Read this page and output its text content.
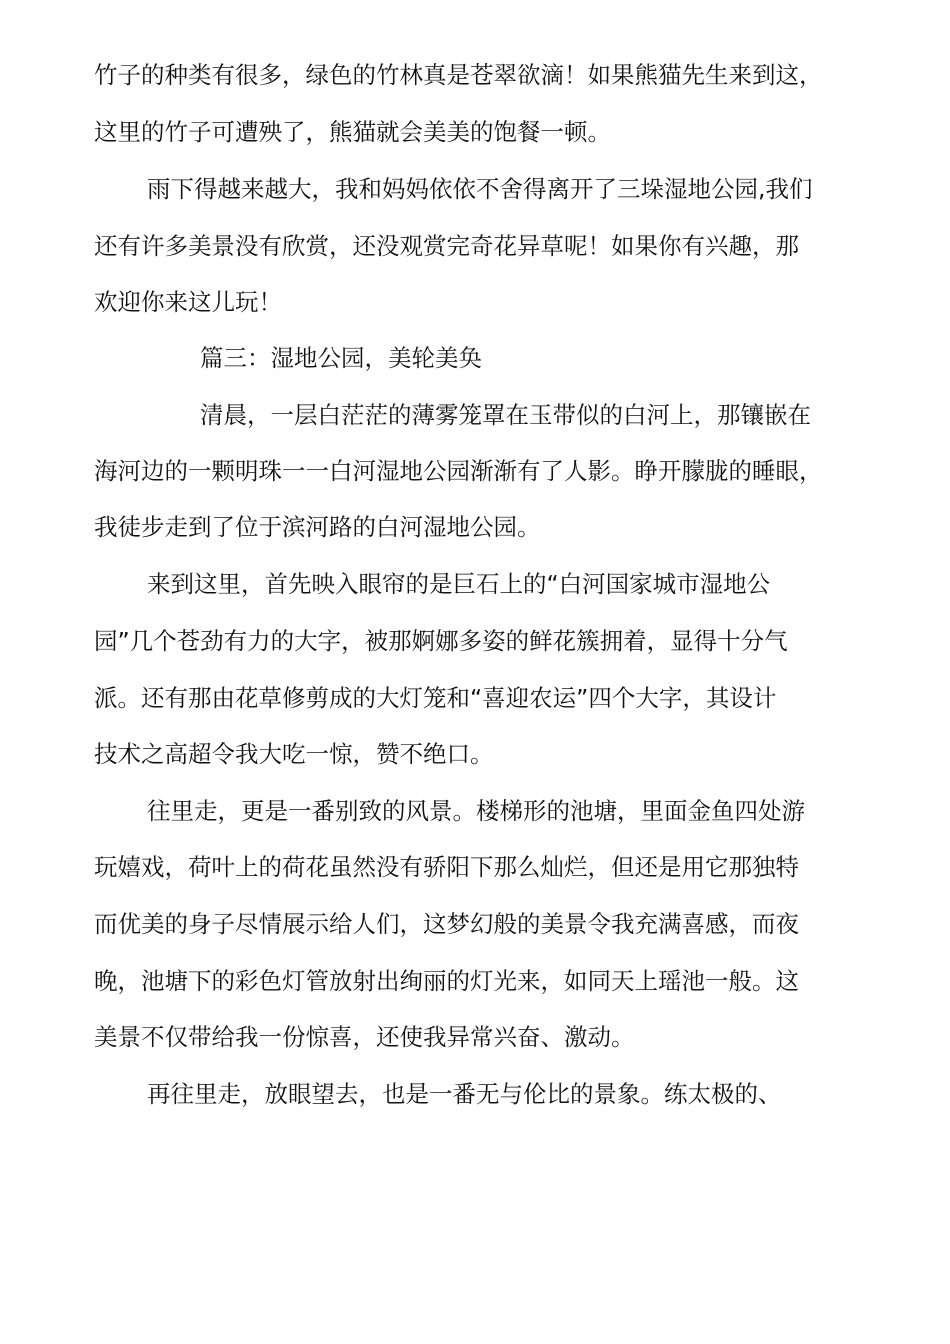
竹子的种类有很多，绿色的竹林真是苍翠欲滴！如果熊猫先生来到这，
这里的竹子可遭殃了，熊猫就会美美的饱餐一顿。
雨下得越来越大，我和妈妈依依不舍得离开了三垛湿地公园,我们
还有许多美景没有欣赏，还没观赏完奇花异草呢！如果你有兴趣，那
欢迎你来这儿玩！
篇三：湿地公园，美轮美奂
清晨，一层白茫茫的薄雾笼罩在玉带似的白河上，那镶嵌在
海河边的一颗明珠一一白河湿地公园渐渐有了人影。睁开朦胧的睡眼，
我徒步走到了位于滨河路的白河湿地公园。
来到这里，首先映入眼帘的是巨石上的“白河国家城市湿地公
园”几个苍劲有力的大字，被那婀娜多姿的鲜花簇拥着，显得十分气
派。还有那由花草修剪成的大灯笼和“喜迎农运”四个大字，其设计
技术之高超令我大吃一惊，赞不绝口。
往里走，更是一番别致的风景。楼梯形的池塘，里面金鱼四处游
玩嬉戏，荷叶上的荷花虽然没有骄阳下那么灿烂，但还是用它那独特
而优美的身子尽情展示给人们，这梦幻般的美景令我充满喜感，而夜
晚，池塘下的彩色灯管放射出绚丽的灯光来，如同天上瑶池一般。这
美景不仅带给我一份惊喜，还使我异常兴奋、激动。
再往里走，放眼望去，也是一番无与伦比的景象。练太极的、
